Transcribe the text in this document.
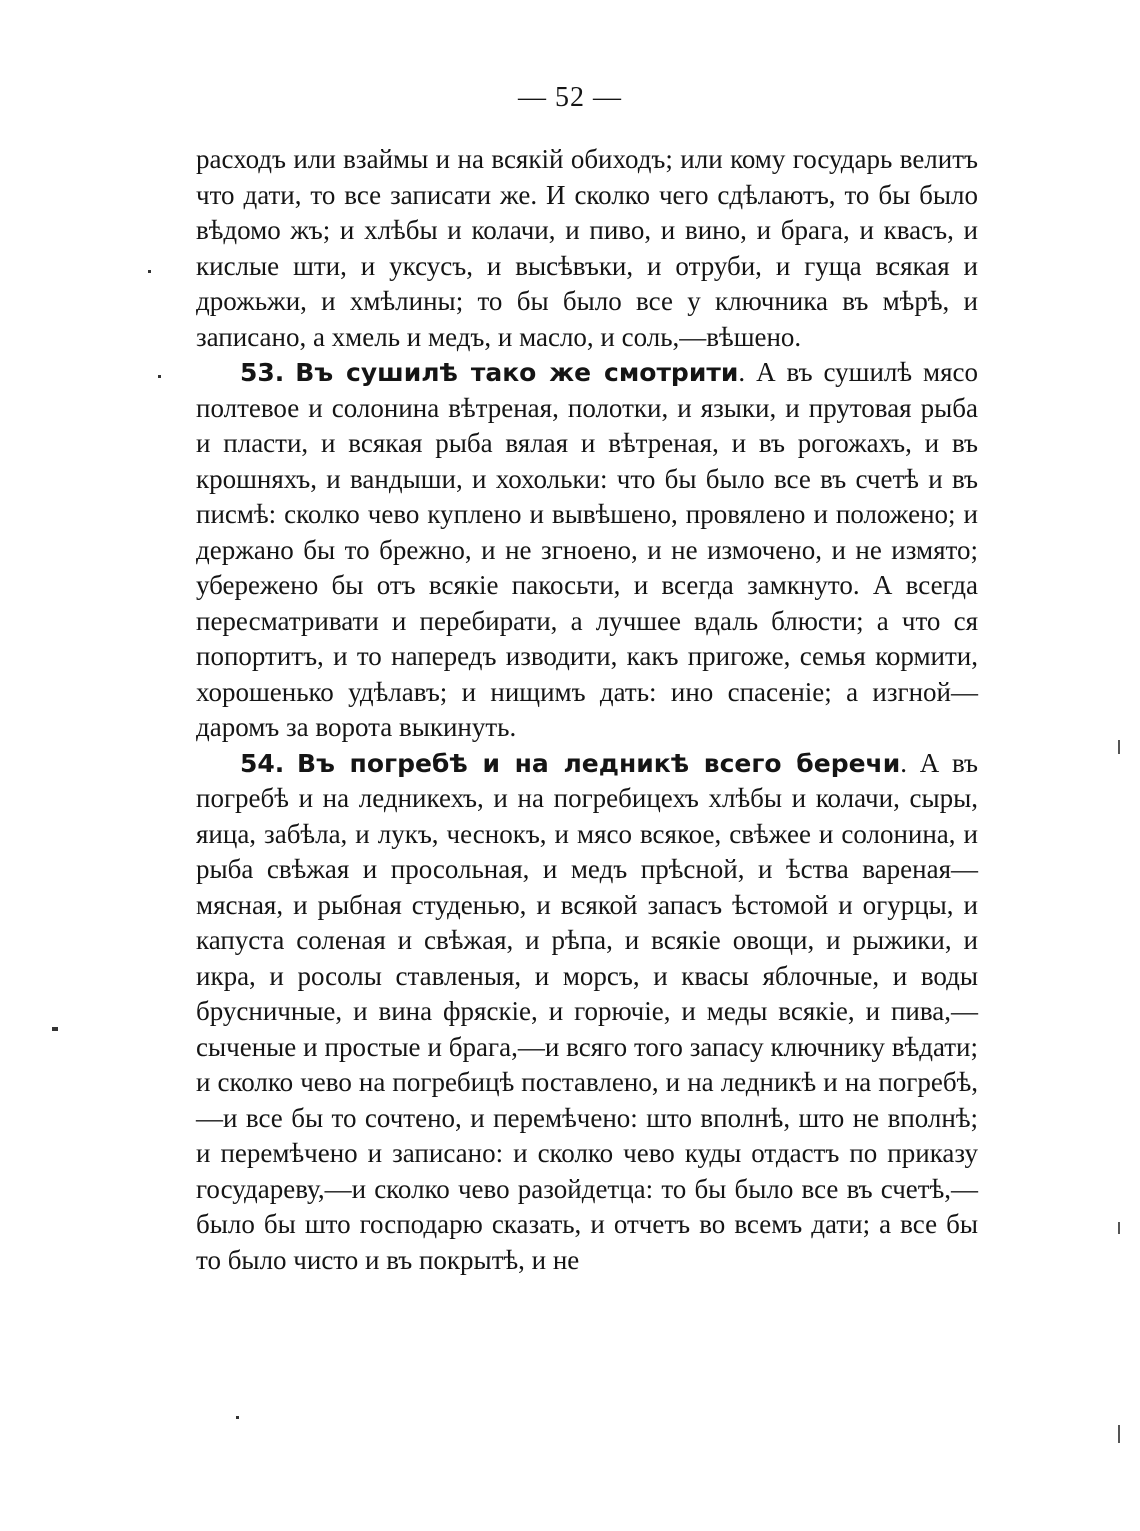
— 52 —

расходъ или взаймы и на всякій обиходъ; или кому государь велитъ что дати, то все записати же. И сколко чего сдѣлаютъ, то бы было вѣдомо жъ; и хлѣбы и колачи, и пиво, и вино, и брага, и квасъ, и кислые шти, и уксусъ, и высѣвъки, и отруби, и гуща всякая и дрожьжи, и хмѣлины; то бы было все у ключника въ мѣрѣ, и записано, а хмель и медъ, и масло, и соль,—вѣшено.

53. Въ сушилѣ тако же смотрити. А въ сушилѣ мясо полтевое и солонина вѣтреная, полотки, и языки, и прутовая рыба и пласти, и всякая рыба вялая и вѣтреная, и въ рогожахъ, и въ крошняхъ, и вандыши, и хохольки: что бы было все въ счетѣ и въ писмѣ: сколко чево куплено и вывѣшено, провялено и положено; и держано бы то брежно, и не згноено, и не измочено, и не измято; убережено бы отъ всякіе пакосьти, и всегда замкнуто. А всегда пересматривати и перебирати, а лучшее вдаль блюсти; а что ся попортитъ, и то напередъ изводити, какъ пригоже, семья кормити, хорошенько удѣлавъ; и нищимъ дать: ино спасеніе; а изгной—даромъ за ворота выкинуть.

54. Въ погребѣ и на ледникѣ всего беречи. А въ погребѣ и на ледникехъ, и на погребицехъ хлѣбы и колачи, сыры, яица, забѣла, и лукъ, чеснокъ, и мясо всякое, свѣжее и солонина, и рыба свѣжая и просольная, и медъ прѣсной, и ѣства вареная—мясная, и рыбная студенью, и всякой запасъ ѣстомой и огурцы, и капуста соленая и свѣжая, и рѣпа, и всякіе овощи, и рыжики, и икра, и росолы ставленыя, и морсъ, и квасы яблочные, и воды брусничные, и вина фряскіе, и горючіе, и меды всякіе, и пива,—сыченые и простые и брага,—и всяго того запасу ключнику вѣдати; и сколко чево на погребицѣ поставлено, и на ледникѣ и на погребѣ,—и все бы то сочтено, и перемѣчено: што вполнѣ, што не вполнѣ; и перемѣчено и записано: и сколко чево куды отдастъ по приказу государеву,—и сколко чево разойдетца: то бы было все въ счетѣ,—было бы што господарю сказать, и отчетъ во всемъ дати; а все бы то было чисто и въ покрытѣ, и не
